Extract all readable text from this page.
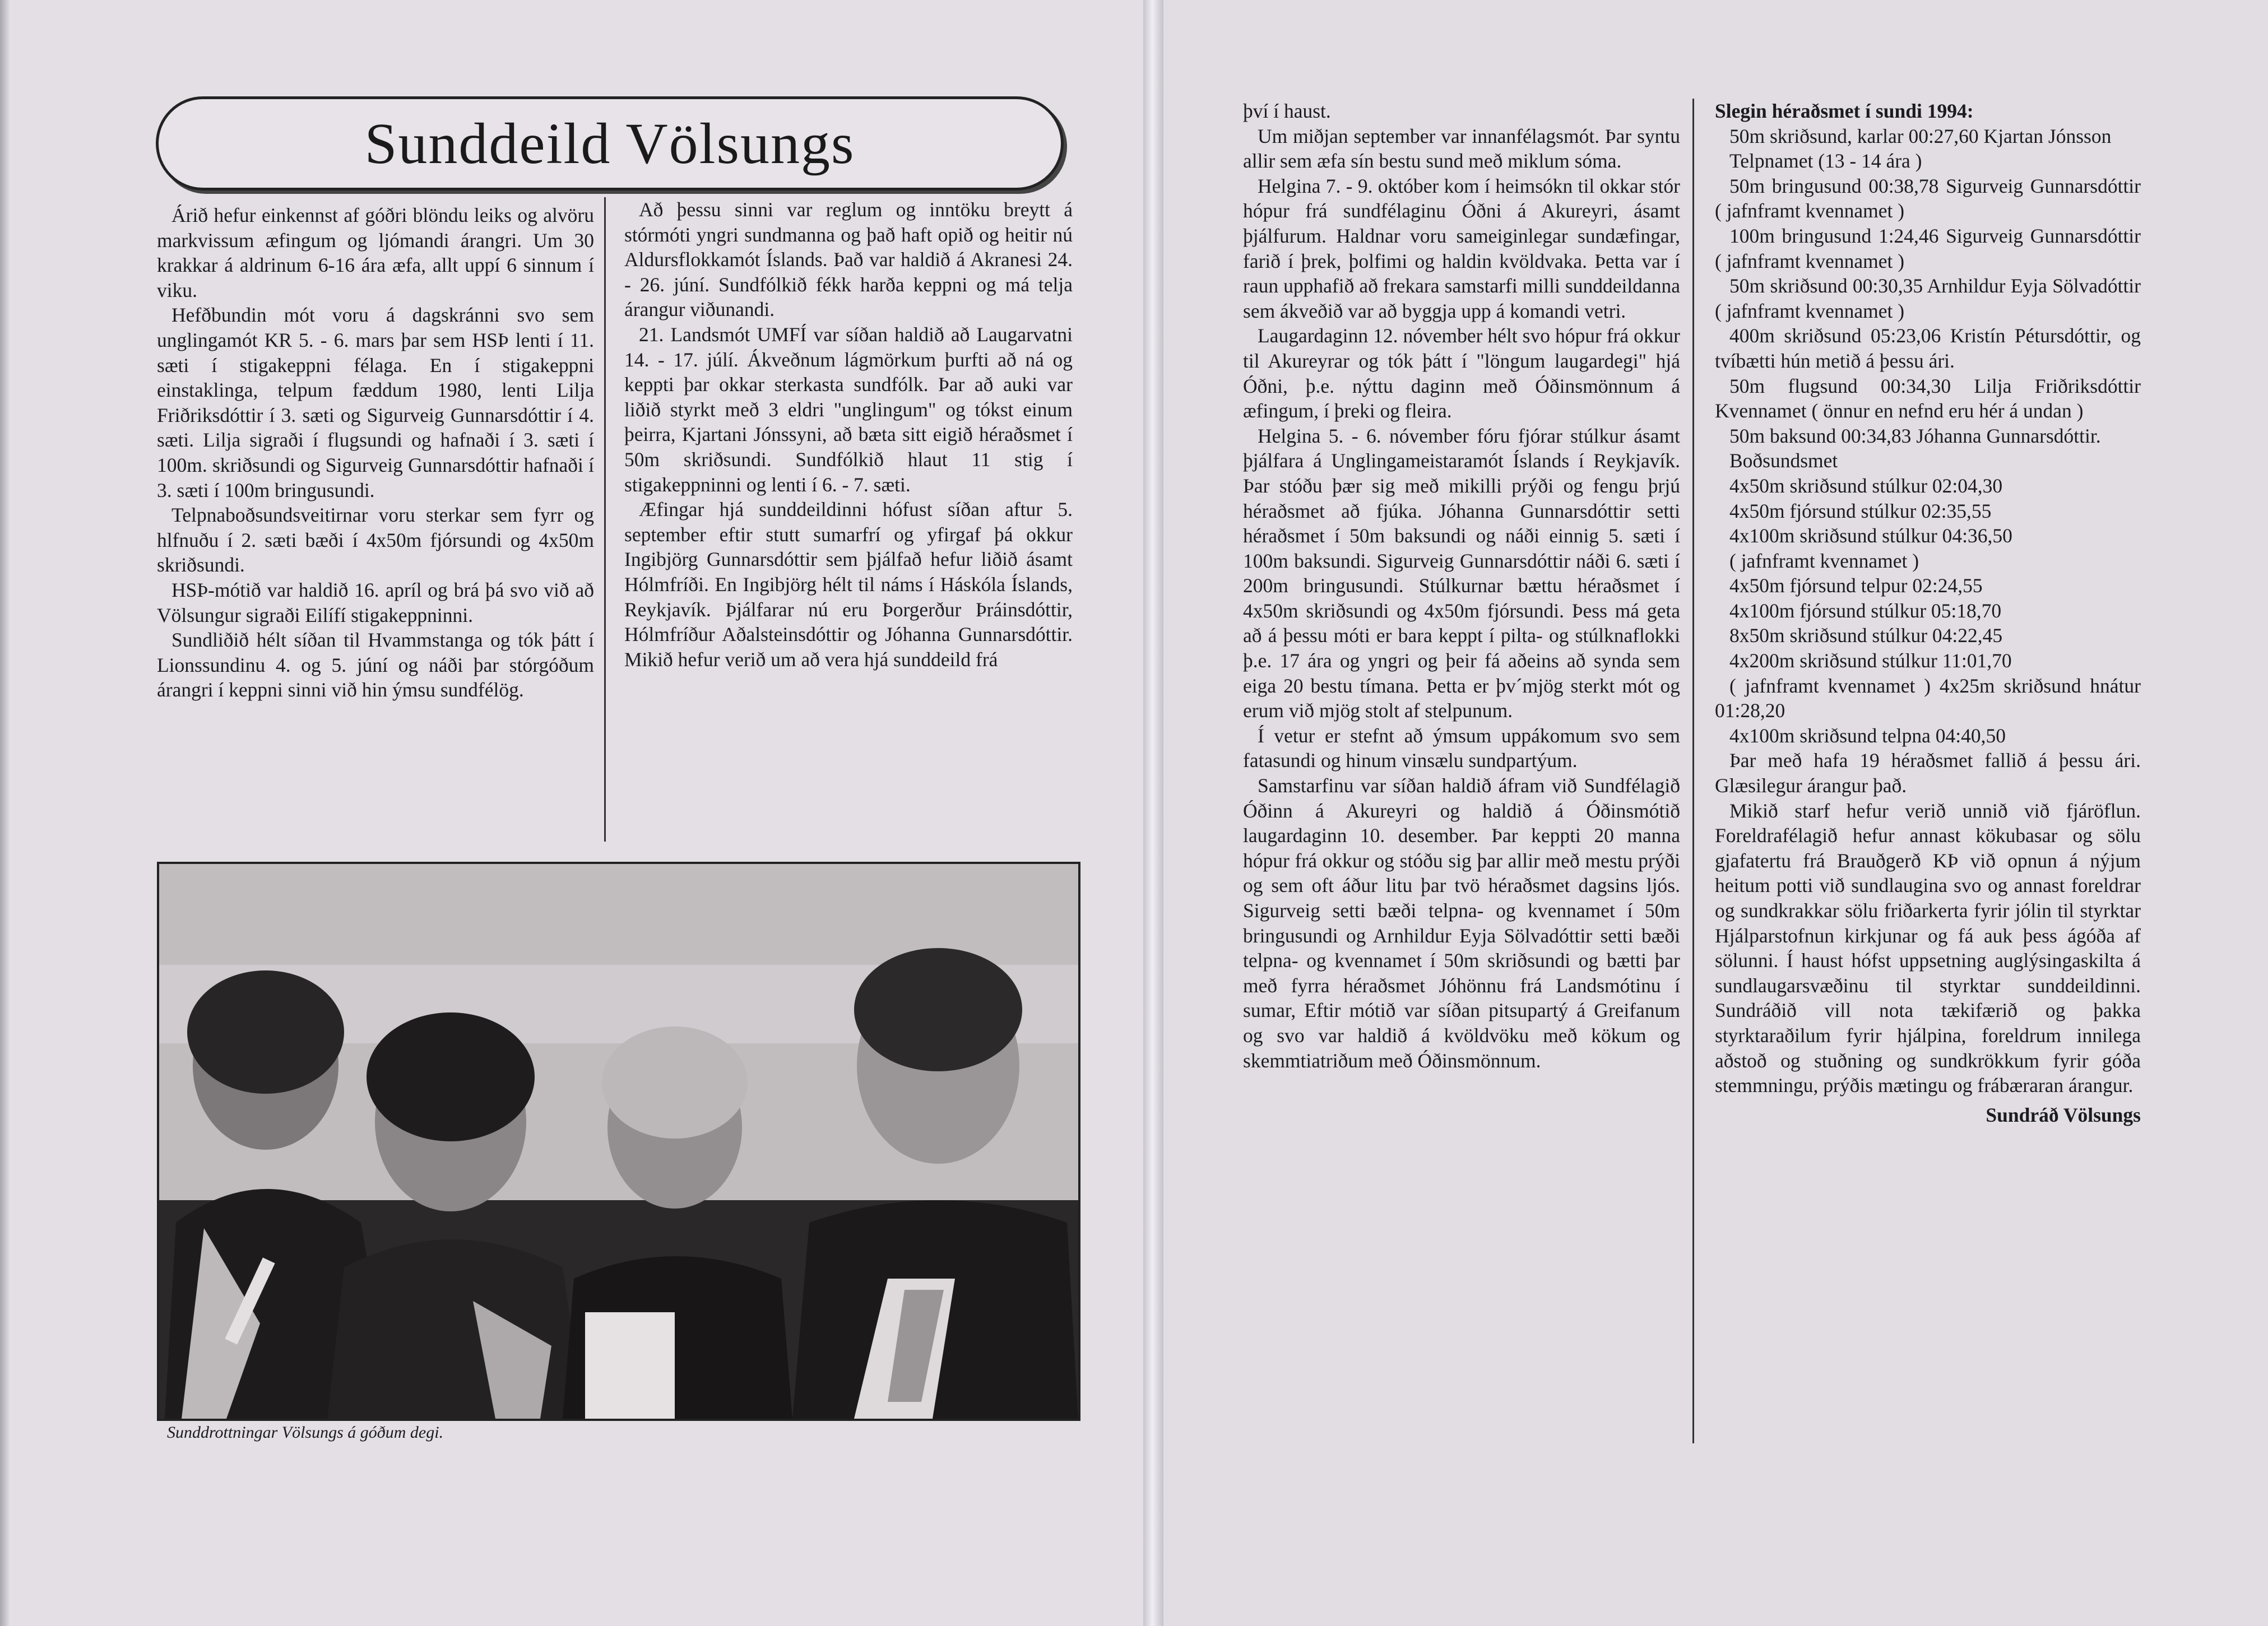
Sunddeild Völsungs

Árið hefur einkennst af góðri blöndu leiks og alvöru markvissum æfingum og ljómandi árangri. Um 30 krakkar á aldrinum 6-16 ára æfa, allt uppí 6 sinnum í viku.

Hefðbundin mót voru á dagskránni svo sem unglingamót KR 5. - 6. mars þar sem HSÞ lenti í 11. sæti í stigakeppni félaga. En í stigakeppni einstaklinga, telpum fæddum 1980, lenti Lilja Friðriksdóttir í 3. sæti og Sigurveig Gunnarsdóttir í 4. sæti. Lilja sigraði í flugsundi og hafnaði í 3. sæti í 100m. skriðsundi og Sigurveig Gunnarsdóttir hafnaði í 3. sæti í 100m bringusundi.

Telpnaboðsundsveitirnar voru sterkar sem fyrr og hlfnuðu í 2. sæti bæði í 4x50m fjórsundi og 4x50m skriðsundi.

HSÞ-mótið var haldið 16. apríl og brá þá svo við að Völsungur sigraði Eilífí stigakeppninni.

Sundliðið hélt síðan til Hvammstanga og tók þátt í Lionssundinu 4. og 5. júní og náði þar stórgóðum árangri í keppni sinni við hin ýmsu sundfélög.

Að þessu sinni var reglum og inntöku breytt á stórmóti yngri sundmanna og það haft opið og heitir nú Aldursflokkamót Íslands. Það var haldið á Akranesi 24. - 26. júní. Sundfólkið fékk harða keppni og má telja árangur viðunandi.

21. Landsmót UMFÍ var síðan haldið að Laugarvatni 14. - 17. júlí. Ákveðnum lágmörkum þurfti að ná og keppti þar okkar sterkasta sundfólk. Þar að auki var liðið styrkt með 3 eldri "unglingum" og tókst einum þeirra, Kjartani Jónssyni, að bæta sitt eigið héraðsmet í 50m skriðsundi. Sundfólkið hlaut 11 stig í stigakeppninni og lenti í 6. - 7. sæti.

Æfingar hjá sunddeildinni hófust síðan aftur 5. september eftir stutt sumarfrí og yfirgaf þá okkur Ingibjörg Gunnarsdóttir sem þjálfað hefur liðið ásamt Hólmfríði. En Ingibjörg hélt til náms í Háskóla Íslands, Reykjavík. Þjálfarar nú eru Þorgerður Þráinsdóttir, Hólmfríður Aðalsteinsdóttir og Jóhanna Gunnarsdóttir. Mikið hefur verið um að vera hjá sunddeild frá

Sunddrottningar Völsungs á góðum degi.

því í haust.

Um miðjan september var innanfélagsmót. Þar syntu allir sem æfa sín bestu sund með miklum sóma.

Helgina 7. - 9. október kom í heimsókn til okkar stór hópur frá sundfélaginu Óðni á Akureyri, ásamt þjálfurum. Haldnar voru sameiginlegar sundæfingar, farið í þrek, þolfimi og haldin kvöldvaka. Þetta var í raun upphafið að frekara samstarfi milli sunddeildanna sem ákveðið var að byggja upp á komandi vetri.

Laugardaginn 12. nóvember hélt svo hópur frá okkur til Akureyrar og tók þátt í "löngum laugardegi" hjá Óðni, þ.e. nýttu daginn með Óðinsmönnum á æfingum, í þreki og fleira.

Helgina 5. - 6. nóvember fóru fjórar stúlkur ásamt þjálfara á Unglingameistaramót Íslands í Reykjavík. Þar stóðu þær sig með mikilli prýði og fengu þrjú héraðsmet að fjúka. Jóhanna Gunnarsdóttir setti héraðsmet í 50m baksundi og náði einnig 5. sæti í 100m baksundi. Sigurveig Gunnarsdóttir náði 6. sæti í 200m bringusundi. Stúlkurnar bættu héraðsmet í 4x50m skriðsundi og 4x50m fjórsundi. Þess má geta að á þessu móti er bara keppt í pilta- og stúlknaflokki þ.e. 17 ára og yngri og þeir fá aðeins að synda sem eiga 20 bestu tímana. Þetta er þv´mjög sterkt mót og erum við mjög stolt af stelpunum.

Í vetur er stefnt að ýmsum uppákomum svo sem fatasundi og hinum vinsælu sundpartýum.

Samstarfinu var síðan haldið áfram við Sundfélagið Óðinn á Akureyri og haldið á Óðinsmótið laugardaginn 10. desember. Þar keppti 20 manna hópur frá okkur og stóðu sig þar allir með mestu prýði og sem oft áður litu þar tvö héraðsmet dagsins ljós. Sigurveig setti bæði telpna- og kvennamet í 50m bringusundi og Arnhildur Eyja Sölvadóttir setti bæði telpna- og kvennamet í 50m skriðsundi og bætti þar með fyrra héraðsmet Jóhönnu frá Landsmótinu í sumar, Eftir mótið var síðan pitsupartý á Greifanum og svo var haldið á kvöldvöku með kökum og skemmtiatriðum með Óðinsmönnum.

Slegin héraðsmet í sundi 1994:

50m skriðsund, karlar 00:27,60 Kjartan Jónsson

Telpnamet (13 - 14 ára )

50m bringusund 00:38,78 Sigurveig Gunnarsdóttir ( jafnframt kvennamet )

100m bringusund 1:24,46 Sigurveig Gunnarsdóttir ( jafnframt kvennamet )

50m skriðsund 00:30,35 Arnhildur Eyja Sölvadóttir ( jafnframt kvennamet )

400m skriðsund 05:23,06 Kristín Pétursdóttir, og tvíbætti hún metið á þessu ári.

50m flugsund 00:34,30 Lilja Friðriksdóttir Kvennamet ( önnur en nefnd eru hér á undan )

50m baksund 00:34,83 Jóhanna Gunnarsdóttir.

Boðsundsmet

4x50m skriðsund stúlkur 02:04,30

4x50m fjórsund stúlkur 02:35,55

4x100m skriðsund stúlkur 04:36,50

( jafnframt kvennamet )

4x50m fjórsund telpur 02:24,55

4x100m fjórsund stúlkur 05:18,70

8x50m skriðsund stúlkur 04:22,45

4x200m skriðsund stúlkur 11:01,70

( jafnframt kvennamet ) 4x25m skriðsund hnátur 01:28,20

4x100m skriðsund telpna 04:40,50

Þar með hafa 19 héraðsmet fallið á þessu ári. Glæsilegur árangur það.

Mikið starf hefur verið unnið við fjáröflun. Foreldrafélagið hefur annast kökubasar og sölu gjafatertu frá Brauðgerð KÞ við opnun á nýjum heitum potti við sundlaugina svo og annast foreldrar og sundkrakkar sölu friðarkerta fyrir jólin til styrktar Hjálparstofnun kirkjunar og fá auk þess ágóða af sölunni. Í haust hófst uppsetning auglýsingaskilta á sundlaugarsvæðinu til styrktar sunddeildinni. Sundráðið vill nota tækifærið og þakka styrktaraðilum fyrir hjálpina, foreldrum innilega aðstoð og stuðning og sundkrökkum fyrir góða stemmningu, prýðis mætingu og frábæraran árangur.

Sundráð Völsungs
